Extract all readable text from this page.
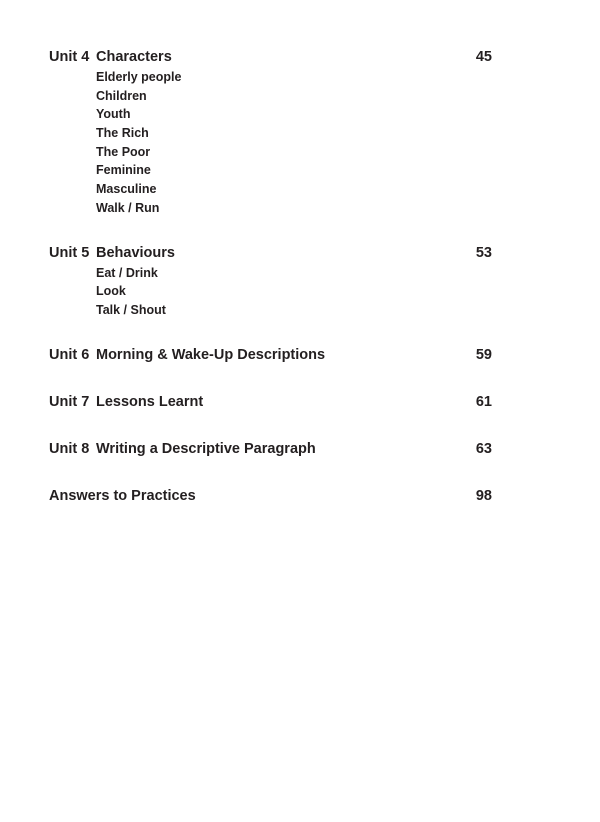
Unit 4 Characters	45
Elderly people
Children
Youth
The Rich
The Poor
Feminine
Masculine
Walk / Run
Unit 5 Behaviours	53
Eat / Drink
Look
Talk / Shout
Unit 6 Morning & Wake-Up Descriptions	59
Unit 7 Lessons Learnt	61
Unit 8 Writing a Descriptive Paragraph	63
Answers to Practices	98
